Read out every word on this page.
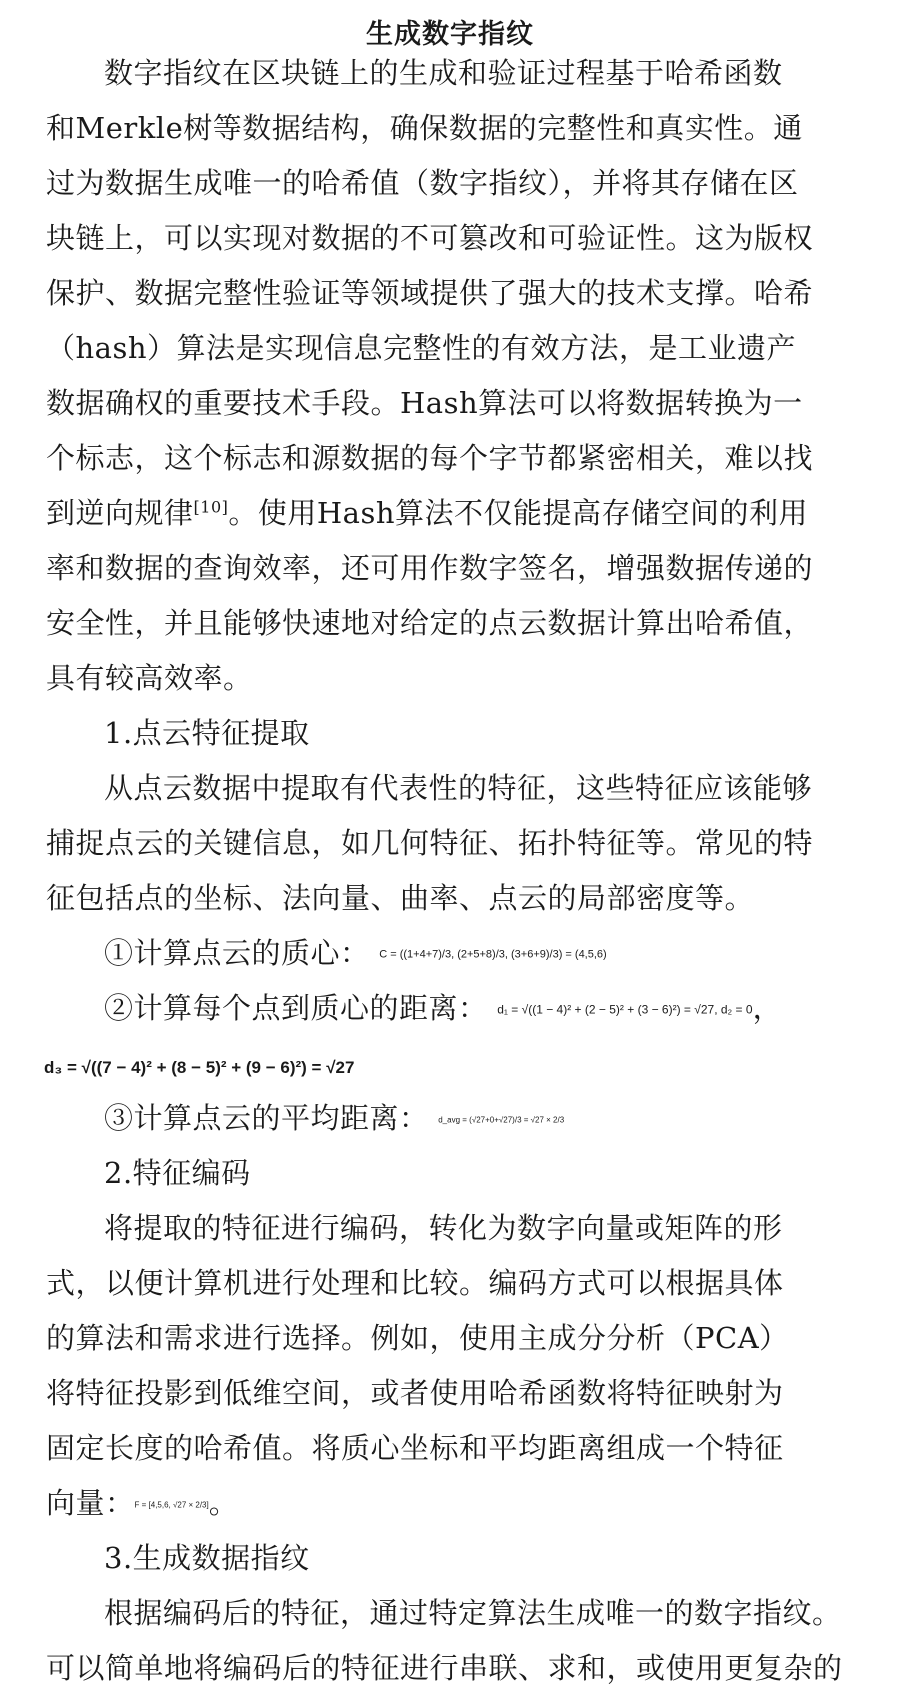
生成数字指纹
数字指纹在区块链上的生成和验证过程基于哈希函数
和Merkle树等数据结构，确保数据的完整性和真实性。通
过为数据生成唯一的哈希值（数字指纹），并将其存储在区
块链上，可以实现对数据的不可篡改和可验证性。这为版权
保护、数据完整性验证等领域提供了强大的技术支撑。哈希
（hash）算法是实现信息完整性的有效方法，是工业遗产
数据确权的重要技术手段。Hash算法可以将数据转换为一
个标志，这个标志和源数据的每个字节都紧密相关，难以找
到逆向规律[10]。使用Hash算法不仅能提高存储空间的利用
率和数据的查询效率，还可用作数字签名，增强数据传递的
安全性，并且能够快速地对给定的点云数据计算出哈希值，
具有较高效率。
1.点云特征提取
从点云数据中提取有代表性的特征，这些特征应该能够
捕捉点云的关键信息，如几何特征、拓扑特征等。常见的特
征包括点的坐标、法向量、曲率、点云的局部密度等。
①计算点云的质心： C = ((1+4+7)/3, (2+5+8)/3, (3+6+9)/3) = (4,5,6)
②计算每个点到质心的距离： d₁ = √((1 − 4)² + (2 − 5)² + (3 − 6)²) = √27, d₂ = 0，
d₃ = √((7 − 4)² + (8 − 5)² + (9 − 6)²) = √27
③计算点云的平均距离： d_avg = (√27+0+√27)/3 = √27 × 2/3
2.特征编码
将提取的特征进行编码，转化为数字向量或矩阵的形
式，以便计算机进行处理和比较。编码方式可以根据具体
的算法和需求进行选择。例如，使用主成分分析（PCA）
将特征投影到低维空间，或者使用哈希函数将特征映射为
固定长度的哈希值。将质心坐标和平均距离组成一个特征
向量：F = [4,5,6, √27 × 2/3]。
3.生成数据指纹
根据编码后的特征，通过特定算法生成唯一的数字指纹。
可以简单地将编码后的特征进行串联、求和，或使用更复杂的
